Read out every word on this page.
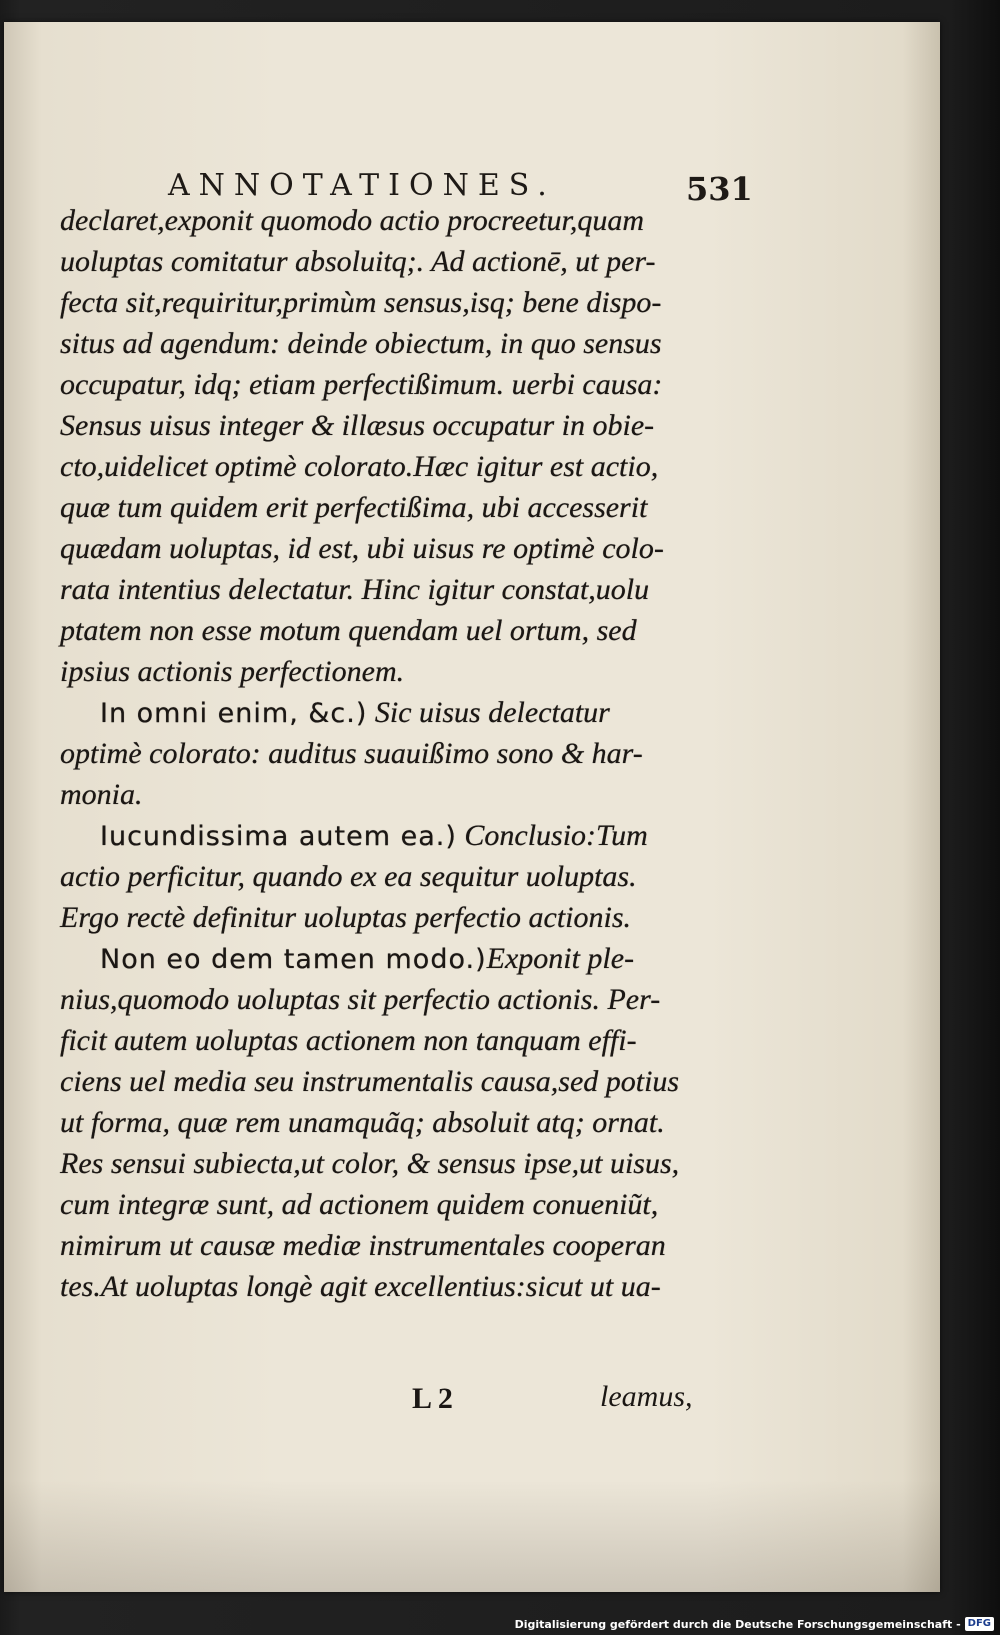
ANNOTATIONES.	531
declaret,exponit quomodo actio procreetur,quam
uoluptas comitatur absoluitq;. Ad actionē, ut per-
fecta sit,requiritur,primùm sensus,isq; bene dispo-
situs ad agendum: deinde obiectum, in quo sensus
occupatur, idq; etiam perfectißimum. uerbi causa:
Sensus uisus integer & illæsus occupatur in obie-
cto,uidelicet optimè colorato.Hæc igitur est actio,
quæ tum quidem erit perfectißima, ubi accesserit
quædam uoluptas, id est, ubi uisus re optimè colo-
rata intentius delectatur. Hinc igitur constat,uolu
ptatem non esse motum quendam uel ortum, sed
ipsius actionis perfectionem.
In omni enim, &c.) Sic uisus delectatur
optimè colorato: auditus suauißimo sono & har-
monia.
Iucundissima autem ea.) Conclusio:Tum
actio perficitur, quando ex ea sequitur uoluptas.
Ergo rectè definitur uoluptas perfectio actionis.
Non eo dem tamen modo.)Exponit ple-
nius,quomodo uoluptas sit perfectio actionis. Per-
ficit autem uoluptas actionem non tanquam effi-
ciens uel media seu instrumentalis causa,sed potius
ut forma, quæ rem unamquãq; absoluit atq; ornat.
Res sensui subiecta,ut color, & sensus ipse,ut uisus,
cum integræ sunt, ad actionem quidem conueniũt,
nimirum ut causæ mediæ instrumentales cooperan
tes.At uoluptas longè agit excellentius:sicut ut ua-
L 2	leamus,
Digitalisierung gefördert durch die Deutsche Forschungsgemeinschaft - DFG
